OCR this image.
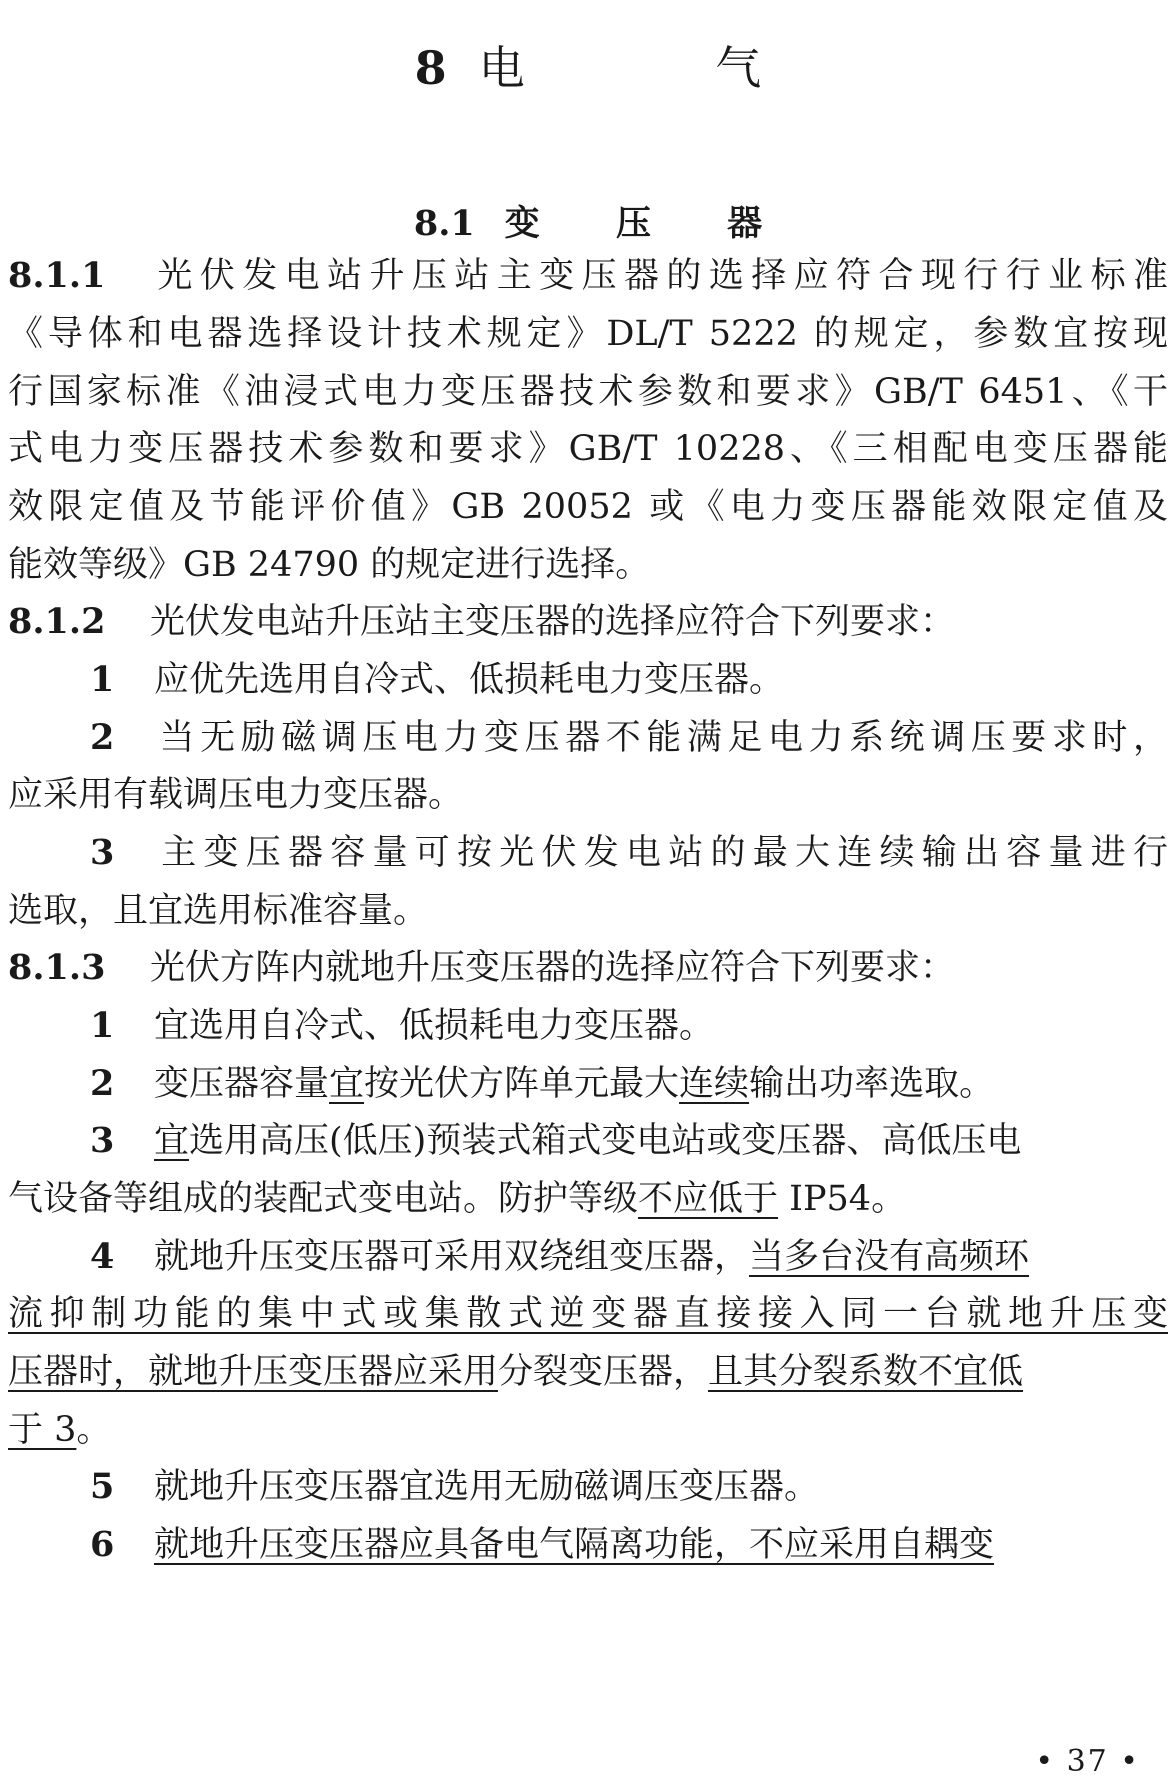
8 电 气
8.1 变 压 器
8.1.1 光伏发电站升压站主变压器的选择应符合现行行业标准
《导体和电器选择设计技术规定》DL/T 5222 的规定，参数宜按现
行国家标准《油浸式电力变压器技术参数和要求》GB/T 6451、《干
式电力变压器技术参数和要求》GB/T 10228、《三相配电变压器能
效限定值及节能评价值》GB 20052 或《电力变压器能效限定值及
能效等级》GB 24790 的规定进行选择。
8.1.2 光伏发电站升压站主变压器的选择应符合下列要求：
1 应优先选用自冷式、低损耗电力变压器。
2 当无励磁调压电力变压器不能满足电力系统调压要求时，
应采用有载调压电力变压器。
3 主变压器容量可按光伏发电站的最大连续输出容量进行
选取，且宜选用标准容量。
8.1.3 光伏方阵内就地升压变压器的选择应符合下列要求：
1 宜选用自冷式、低损耗电力变压器。
2 变压器容量宜按光伏方阵单元最大连续输出功率选取。
3 宜选用高压(低压)预装式箱式变电站或变压器、高低压电
气设备等组成的装配式变电站。防护等级不应低于 IP54。
4 就地升压变压器可采用双绕组变压器，当多台没有高频环
流抑制功能的集中式或集散式逆变器直接接入同一台就地升压变
压器时，就地升压变压器应采用分裂变压器，且其分裂系数不宜低
于 3。
5 就地升压变压器宜选用无励磁调压变压器。
6 就地升压变压器应具备电气隔离功能，不应采用自耦变
• 37 •
